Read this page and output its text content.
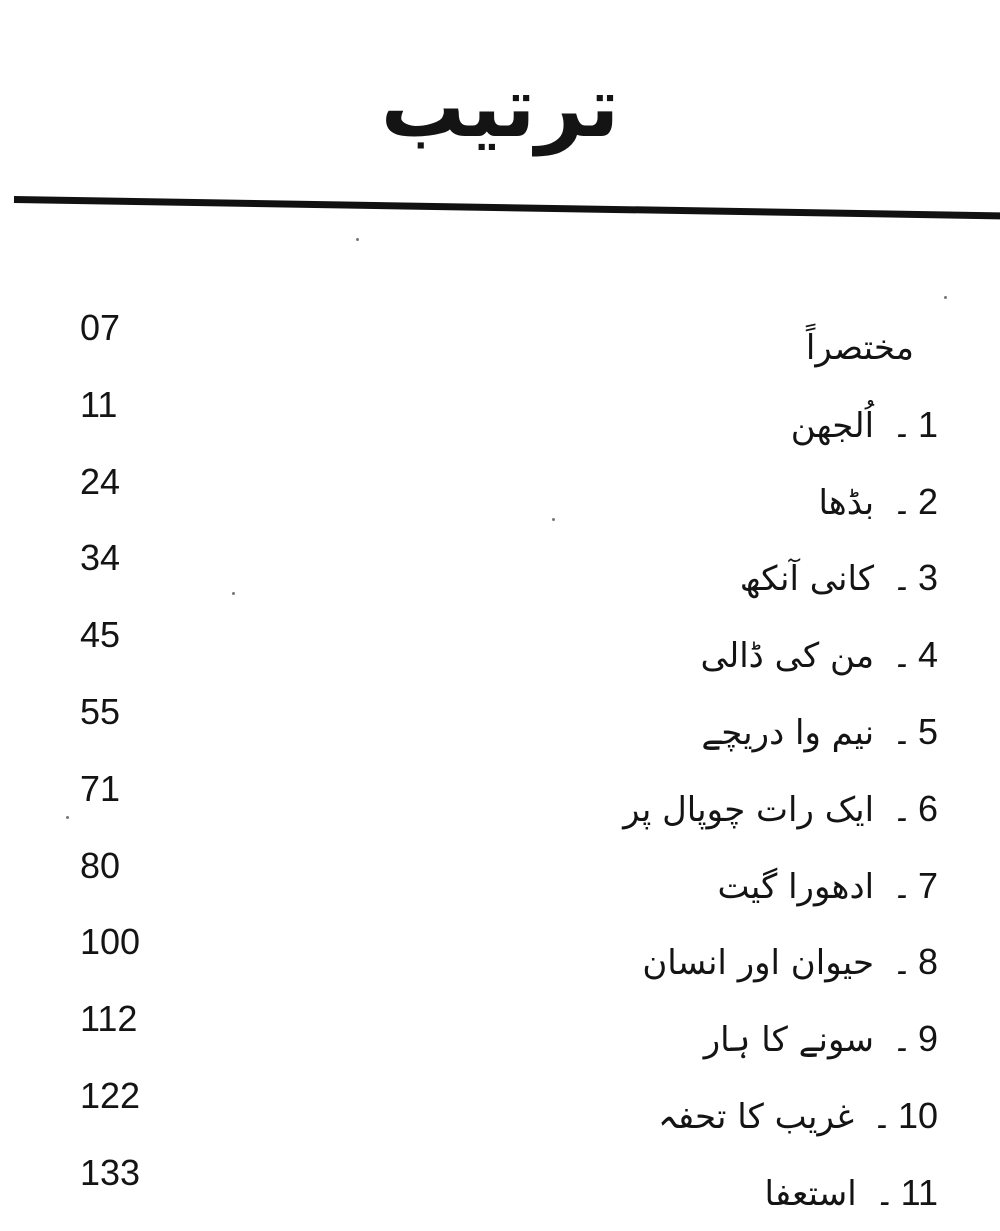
ترتیب
07	مختصراً
11	1۔اُلجھن
24	2۔بڈھا
34	3۔کانی آنکھ
45	4۔من کی ڈالی
55	5۔نیم وا دریچے
71	6۔ایک رات چوپال پر
80	7۔ادھورا گیت
100	8۔حیوان اور انسان
112	9۔سونے کا ہار
122	10۔غریب کا تحفہ
133	11۔استعفا
